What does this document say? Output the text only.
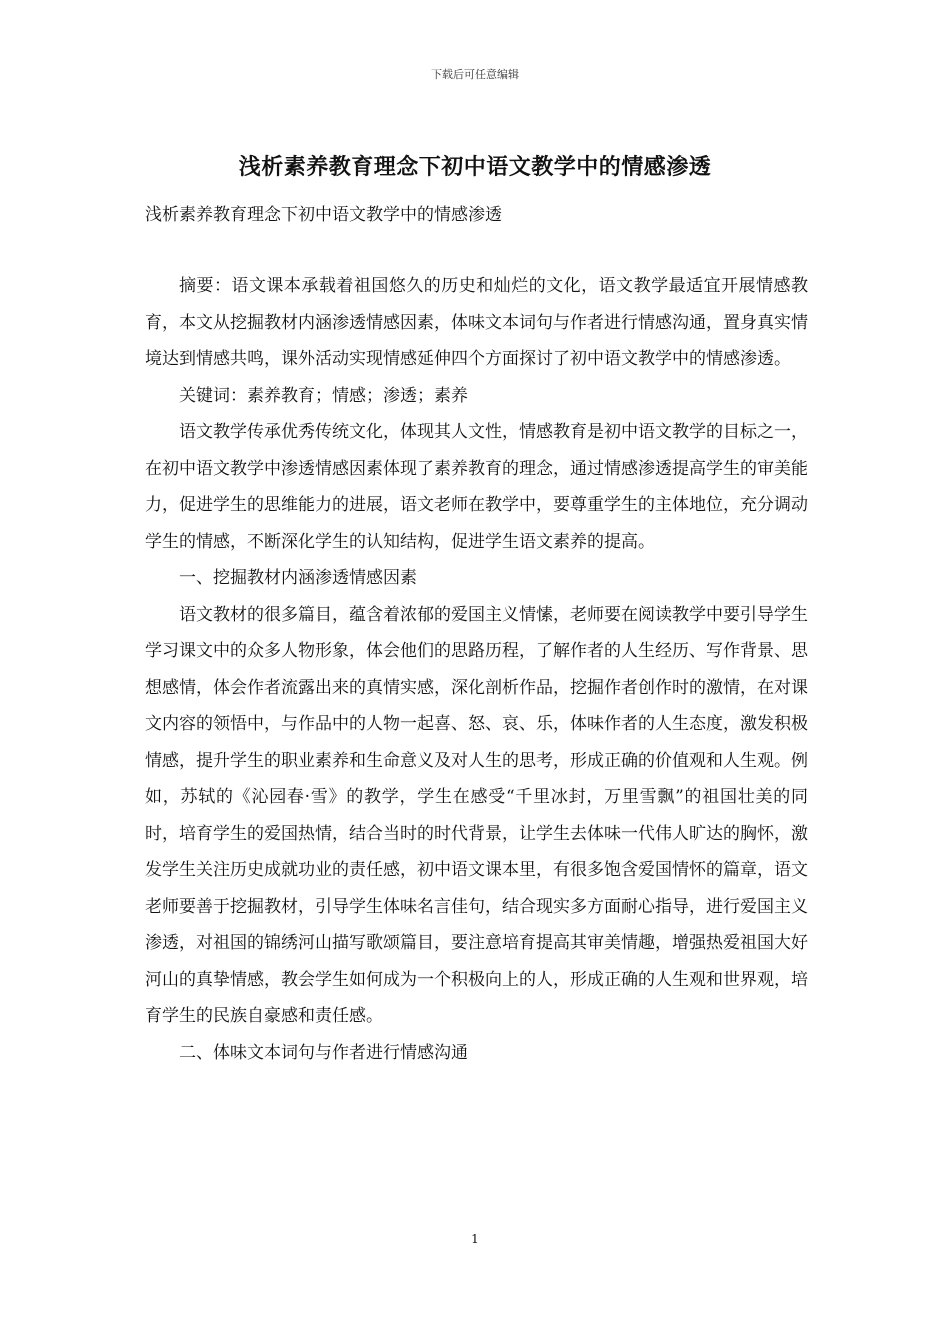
下载后可任意编辑
浅析素养教育理念下初中语文教学中的情感渗透
浅析素养教育理念下初中语文教学中的情感渗透

摘要：语文课本承载着祖国悠久的历史和灿烂的文化，语文教学最适宜开展情感教育，本文从挖掘教材内涵渗透情感因素，体味文本词句与作者进行情感沟通，置身真实情境达到情感共鸣，课外活动实现情感延伸四个方面探讨了初中语文教学中的情感渗透。

关键词：素养教育；情感；渗透；素养

语文教学传承优秀传统文化，体现其人文性，情感教育是初中语文教学的目标之一，在初中语文教学中渗透情感因素体现了素养教育的理念，通过情感渗透提高学生的审美能力，促进学生的思维能力的进展，语文老师在教学中，要尊重学生的主体地位，充分调动学生的情感，不断深化学生的认知结构，促进学生语文素养的提高。

一、挖掘教材内涵渗透情感因素

语文教材的很多篇目，蕴含着浓郁的爱国主义情愫，老师要在阅读教学中要引导学生学习课文中的众多人物形象，体会他们的思路历程，了解作者的人生经历、写作背景、思想感情，体会作者流露出来的真情实感，深化剖析作品，挖掘作者创作时的激情，在对课文内容的领悟中，与作品中的人物一起喜、怒、哀、乐，体味作者的人生态度，激发积极情感，提升学生的职业素养和生命意义及对人生的思考，形成正确的价值观和人生观。例如，苏轼的《沁园春·雪》的教学，学生在感受“千里冰封，万里雪飘”的祖国壮美的同时，培育学生的爱国热情，结合当时的时代背景，让学生去体味一代伟人旷达的胸怀，激发学生关注历史成就功业的责任感，初中语文课本里，有很多饱含爱国情怀的篇章，语文老师要善于挖掘教材，引导学生体味名言佳句，结合现实多方面耐心指导，进行爱国主义渗透，对祖国的锦绣河山描写歌颂篇目，要注意培育提高其审美情趣，增强热爱祖国大好河山的真挚情感，教会学生如何成为一个积极向上的人，形成正确的人生观和世界观，培育学生的民族自豪感和责任感。

二、体味文本词句与作者进行情感沟通

1
